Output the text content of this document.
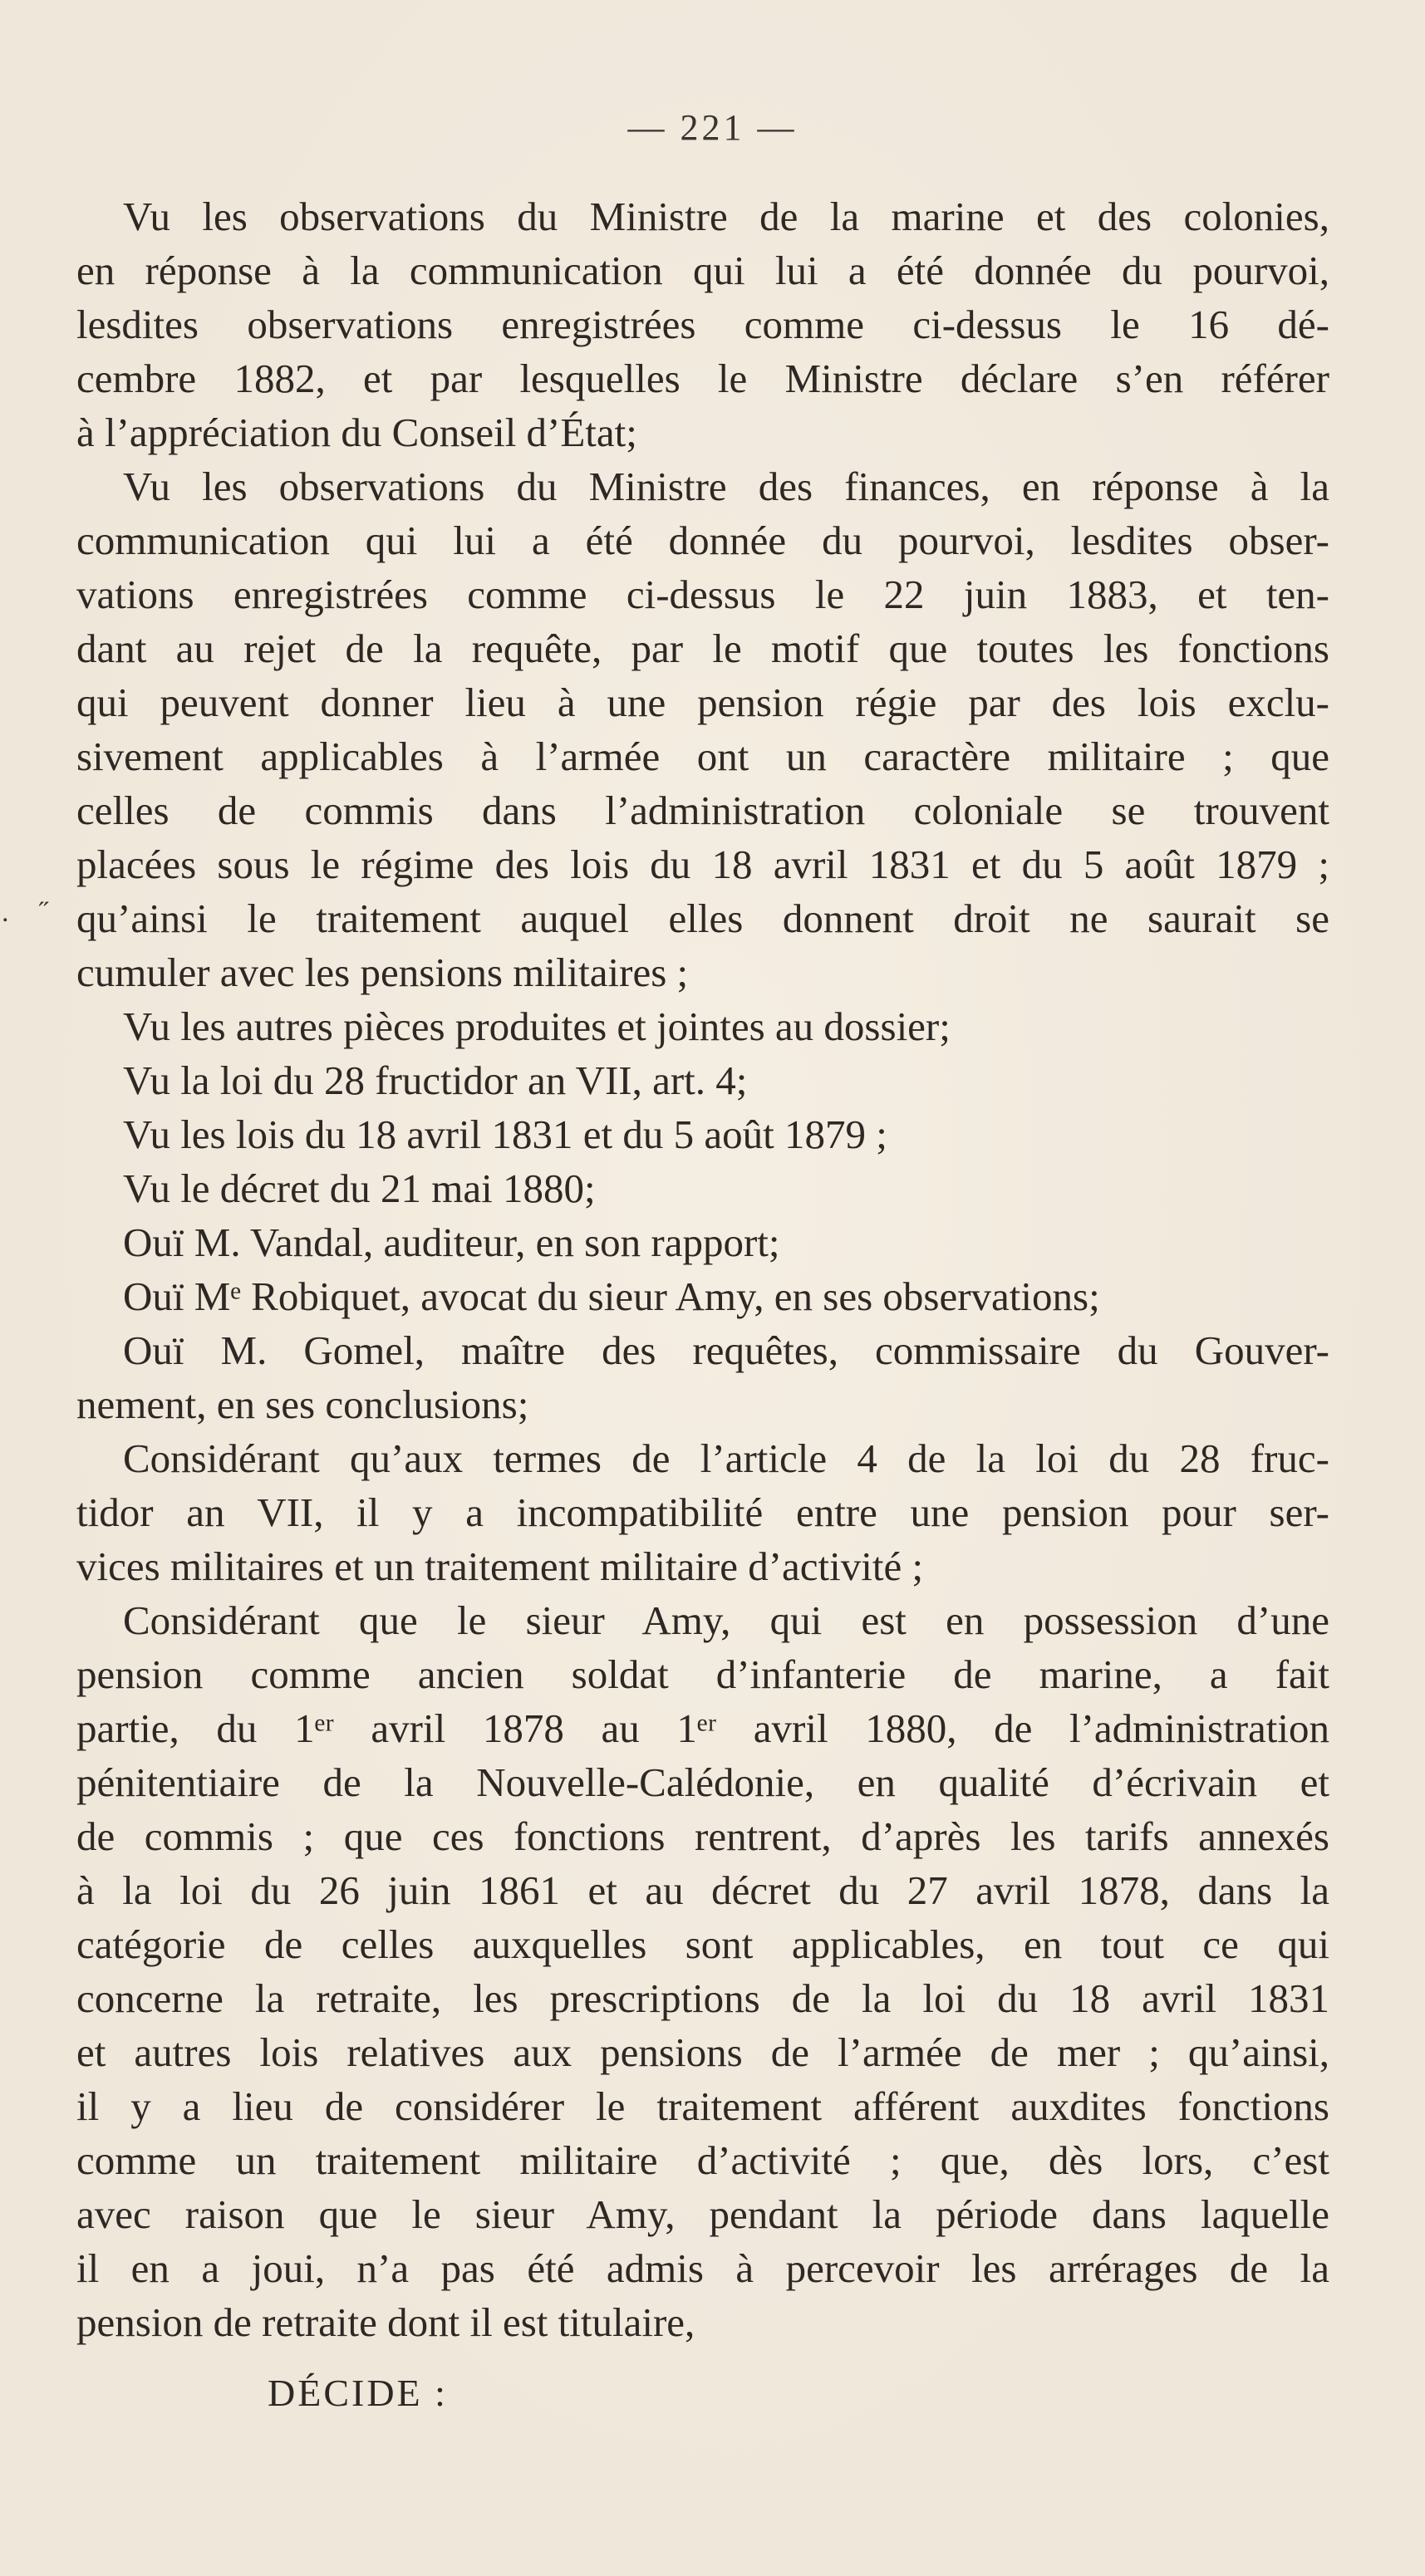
— 221 —
. ˝
Vu les observations du Ministre de la marine et des colonies,
en réponse à la communication qui lui a été donnée du pourvoi,
lesdites observations enregistrées comme ci-dessus le 16 dé-
cembre 1882, et par lesquelles le Ministre déclare s’en référer
à l’appréciation du Conseil d’État;
Vu les observations du Ministre des finances, en réponse à la
communication qui lui a été donnée du pourvoi, lesdites obser-
vations enregistrées comme ci-dessus le 22 juin 1883, et ten-
dant au rejet de la requête, par le motif que toutes les fonctions
qui peuvent donner lieu à une pension régie par des lois exclu-
sivement applicables à l’armée ont un caractère militaire ; que
celles de commis dans l’administration coloniale se trouvent
placées sous le régime des lois du 18 avril 1831 et du 5 août 1879 ;
qu’ainsi le traitement auquel elles donnent droit ne saurait se
cumuler avec les pensions militaires ;
Vu les autres pièces produites et jointes au dossier;
Vu la loi du 28 fructidor an VII, art. 4;
Vu les lois du 18 avril 1831 et du 5 août 1879 ;
Vu le décret du 21 mai 1880;
Ouï M. Vandal, auditeur, en son rapport;
Ouï Mᵉ Robiquet, avocat du sieur Amy, en ses observations;
Ouï M. Gomel, maître des requêtes, commissaire du Gouver-
nement, en ses conclusions;
Considérant qu’aux termes de l’article 4 de la loi du 28 fruc-
tidor an VII, il y a incompatibilité entre une pension pour ser-
vices militaires et un traitement militaire d’activité ;
Considérant que le sieur Amy, qui est en possession d’une
pension comme ancien soldat d’infanterie de marine, a fait
partie, du 1ᵉʳ avril 1878 au 1ᵉʳ avril 1880, de l’administration
pénitentiaire de la Nouvelle-Calédonie, en qualité d’écrivain et
de commis ; que ces fonctions rentrent, d’après les tarifs annexés
à la loi du 26 juin 1861 et au décret du 27 avril 1878, dans la
catégorie de celles auxquelles sont applicables, en tout ce qui
concerne la retraite, les prescriptions de la loi du 18 avril 1831
et autres lois relatives aux pensions de l’armée de mer ; qu’ainsi,
il y a lieu de considérer le traitement afférent auxdites fonctions
comme un traitement militaire d’activité ; que, dès lors, c’est
avec raison que le sieur Amy, pendant la période dans laquelle
il en a joui, n’a pas été admis à percevoir les arrérages de la
pension de retraite dont il est titulaire,
DÉCIDE :
